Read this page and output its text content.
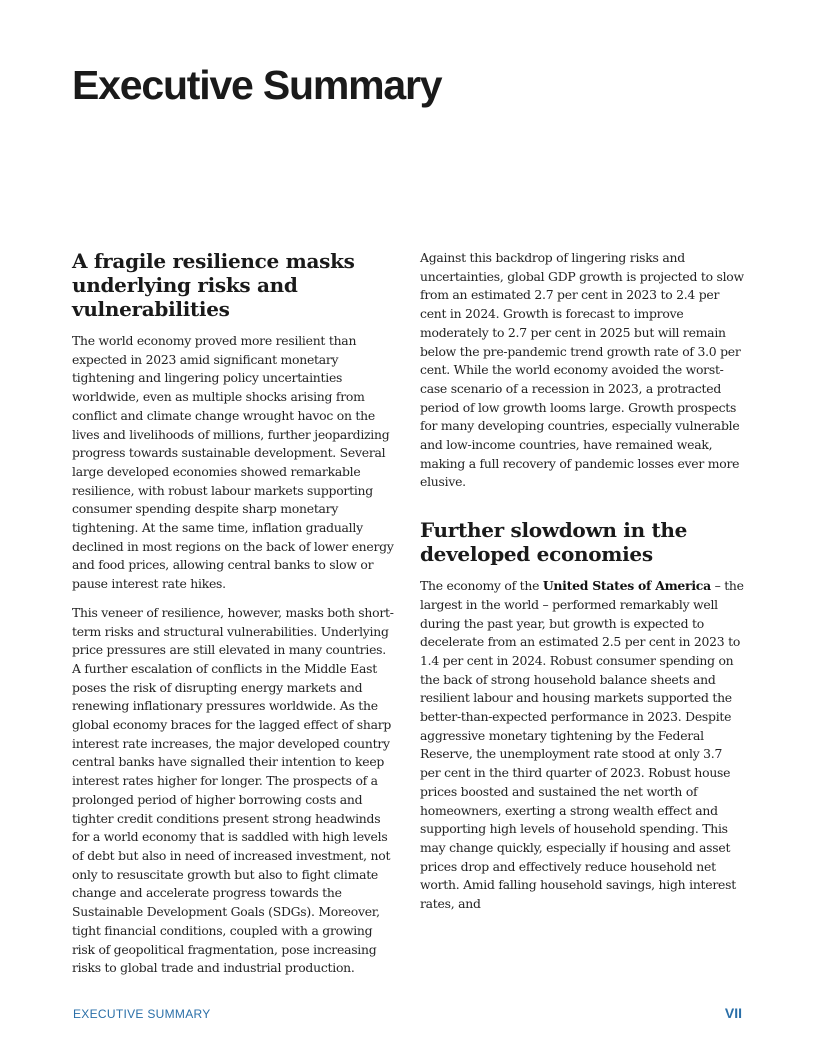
Executive Summary
A fragile resilience masks underlying risks and vulnerabilities

The world economy proved more resilient than expected in 2023 amid significant monetary tightening and lingering policy uncertainties worldwide, even as multiple shocks arising from conflict and climate change wrought havoc on the lives and livelihoods of millions, further jeopardizing progress towards sustainable development. Several large developed economies showed remarkable resilience, with robust labour markets supporting consumer spending despite sharp monetary tightening. At the same time, inflation gradually declined in most regions on the back of lower energy and food prices, allowing central banks to slow or pause interest rate hikes.

This veneer of resilience, however, masks both short-term risks and structural vulnerabilities. Underlying price pressures are still elevated in many countries. A further escalation of conflicts in the Middle East poses the risk of disrupting energy markets and renewing inflationary pressures worldwide. As the global economy braces for the lagged effect of sharp interest rate increases, the major developed country central banks have signalled their intention to keep interest rates higher for longer. The prospects of a prolonged period of higher borrowing costs and tighter credit conditions present strong headwinds for a world economy that is saddled with high levels of debt but also in need of increased investment, not only to resuscitate growth but also to fight climate change and accelerate progress towards the Sustainable Development Goals (SDGs). Moreover, tight financial conditions, coupled with a growing risk of geopolitical fragmentation, pose increasing risks to global trade and industrial production.

Against this backdrop of lingering risks and uncertainties, global GDP growth is projected to slow from an estimated 2.7 per cent in 2023 to 2.4 per cent in 2024. Growth is forecast to improve moderately to 2.7 per cent in 2025 but will remain below the pre-pandemic trend growth rate of 3.0 per cent. While the world economy avoided the worst-case scenario of a recession in 2023, a protracted period of low growth looms large. Growth prospects for many developing countries, especially vulnerable and low-income countries, have remained weak, making a full recovery of pandemic losses ever more elusive.

Further slowdown in the developed economies

The economy of the United States of America – the largest in the world – performed remarkably well during the past year, but growth is expected to decelerate from an estimated 2.5 per cent in 2023 to 1.4 per cent in 2024. Robust consumer spending on the back of strong household balance sheets and resilient labour and housing markets supported the better-than-expected performance in 2023. Despite aggressive monetary tightening by the Federal Reserve, the unemployment rate stood at only 3.7 per cent in the third quarter of 2023. Robust house prices boosted and sustained the net worth of homeowners, exerting a strong wealth effect and supporting high levels of household spending. This may change quickly, especially if housing and asset prices drop and effectively reduce household net worth. Amid falling household savings, high interest rates, and

EXECUTIVE SUMMARY	VII
